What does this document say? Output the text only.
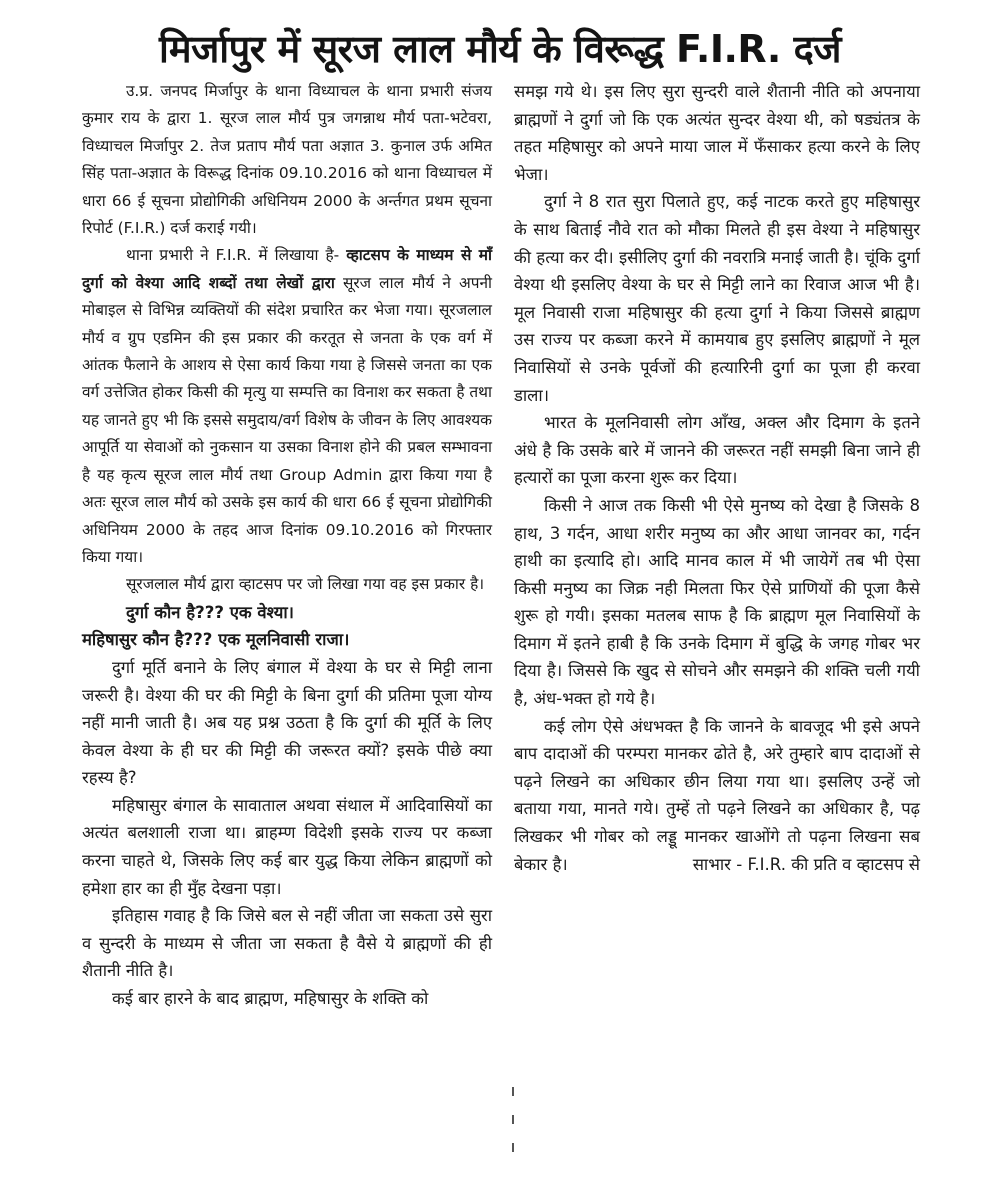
मिर्जापुर में सूरज लाल मौर्य के विरूद्ध F.I.R. दर्ज

उ.प्र. जनपद मिर्जापुर के थाना विध्याचल के थाना प्रभारी संजय कुमार राय के द्वारा 1. सूरज लाल मौर्य पुत्र जगन्नाथ मौर्य पता-भटेवरा, विध्याचल मिर्जापुर 2. तेज प्रताप मौर्य पता अज्ञात 3. कुनाल उर्फ अमित सिंह पता-अज्ञात के विरूद्ध दिनांक 09.10.2016 को थाना विध्याचल में धारा 66 ई सूचना प्रोद्योगिकी अधिनियम 2000 के अर्न्तगत प्रथम सूचना रिपोर्ट (F.I.R.) दर्ज कराई गयी।

थाना प्रभारी ने F.I.R. में लिखाया है- व्हाटसप के माध्यम से माँ दुर्गा को वेश्या आदि शब्दों तथा लेखों द्वारा सूरज लाल मौर्य ने अपनी मोबाइल से विभिन्न व्यक्तियों की संदेश प्रचारित कर भेजा गया। सूरजलाल मौर्य व ग्रुप एडमिन की इस प्रकार की करतूत से जनता के एक वर्ग में आंतक फैलाने के आशय से ऐसा कार्य किया गया हे जिससे जनता का एक वर्ग उत्तेजित होकर किसी की मृत्यु या सम्पत्ति का विनाश कर सकता है तथा यह जानते हुए भी कि इससे समुदाय/वर्ग विशेष के जीवन के लिए आवश्यक आपूर्ति या सेवाओं को नुकसान या उसका विनाश होने की प्रबल सम्भावना है यह कृत्य सूरज लाल मौर्य तथा Group Admin द्वारा किया गया है अतः सूरज लाल मौर्य को उसके इस कार्य की धारा 66 ई सूचना प्रोद्योगिकी अधिनियम 2000 के तहद आज दिनांक 09.10.2016 को गिरफ्तार किया गया।

सूरजलाल मौर्य द्वारा व्हाटसप पर जो लिखा गया वह इस प्रकार है।

दुर्गा कौन है??? एक वेश्या।

महिषासुर कौन है??? एक मूलनिवासी राजा।

दुर्गा मूर्ति बनाने के लिए बंगाल में वेश्या के घर से मिट्टी लाना जरूरी है। वेश्या की घर की मिट्टी के बिना दुर्गा की प्रतिमा पूजा योग्य नहीं मानी जाती है। अब यह प्रश्न उठता है कि दुर्गा की मूर्ति के लिए केवल वेश्या के ही घर की मिट्टी की जरूरत क्यों? इसके पीछे क्या रहस्य है?

महिषासुर बंगाल के सावाताल अथवा संथाल में आदिवासियों का अत्यंत बलशाली राजा था। ब्राहम्ण विदेशी इसके राज्य पर कब्जा करना चाहते थे, जिसके लिए कई बार युद्ध किया लेकिन ब्राह्मणों को हमेशा हार का ही मुँह देखना पड़ा।

इतिहास गवाह है कि जिसे बल से नहीं जीता जा सकता उसे सुरा व सुन्दरी के माध्यम से जीता जा सकता है वैसे ये ब्राह्मणों की ही शैतानी नीति है।

कई बार हारने के बाद ब्राह्मण, महिषासुर के शक्ति को

समझ गये थे। इस लिए सुरा सुन्दरी वाले शैतानी नीति को अपनाया ब्राह्मणों ने दुर्गा जो कि एक अत्यंत सुन्दर वेश्या थी, को षड्यंतत्र के तहत महिषासुर को अपने माया जाल में फँसाकर हत्या करने के लिए भेजा।

दुर्गा ने 8 रात सुरा पिलाते हुए, कई नाटक करते हुए महिषासुर के साथ बिताई नौवे रात को मौका मिलते ही इस वेश्या ने महिषासुर की हत्या कर दी। इसीलिए दुर्गा की नवरात्रि मनाई जाती है। चूंकि दुर्गा वेश्या थी इसलिए वेश्या के घर से मिट्टी लाने का रिवाज आज भी है। मूल निवासी राजा महिषासुर की हत्या दुर्गा ने किया जिससे ब्राह्मण उस राज्य पर कब्जा करने में कामयाब हुए इसलिए ब्राह्मणों ने मूल निवासियों से उनके पूर्वजों की हत्यारिनी दुर्गा का पूजा ही करवा डाला।

भारत के मूलनिवासी लोग आँख, अक्ल और दिमाग के इतने अंधे है कि उसके बारे में जानने की जरूरत नहीं समझी बिना जाने ही हत्यारों का पूजा करना शुरू कर दिया।

किसी ने आज तक किसी भी ऐसे मुनष्य को देखा है जिसके 8 हाथ, 3 गर्दन, आधा शरीर मनुष्य का और आधा जानवर का, गर्दन हाथी का इत्यादि हो। आदि मानव काल में भी जायेगें तब भी ऐसा किसी मनुष्य का जिक्र नही मिलता फिर ऐसे प्राणियों की पूजा कैसे शुरू हो गयी। इसका मतलब साफ है कि ब्राह्मण मूल निवासियों के दिमाग में इतने हाबी है कि उनके दिमाग में बुद्धि के जगह गोबर भर दिया है। जिससे कि खुद से सोचने और समझने की शक्ति चली गयी है, अंध-भक्त हो गये है।

कई लोग ऐसे अंधभक्त है कि जानने के बावजूद भी इसे अपने बाप दादाओं की परम्परा मानकर ढोते है, अरे तुम्हारे बाप दादाओं से पढ़ने लिखने का अधिकार छीन लिया गया था। इसलिए उन्हें जो बताया गया, मानते गये। तुम्हें तो पढ़ने लिखने का अधिकार है, पढ़ लिखकर भी गोबर को लड्डू मानकर खाओंगे तो पढ़ना लिखना सब बेकार है।	साभार - F.I.R. की प्रति व व्हाटसप से
